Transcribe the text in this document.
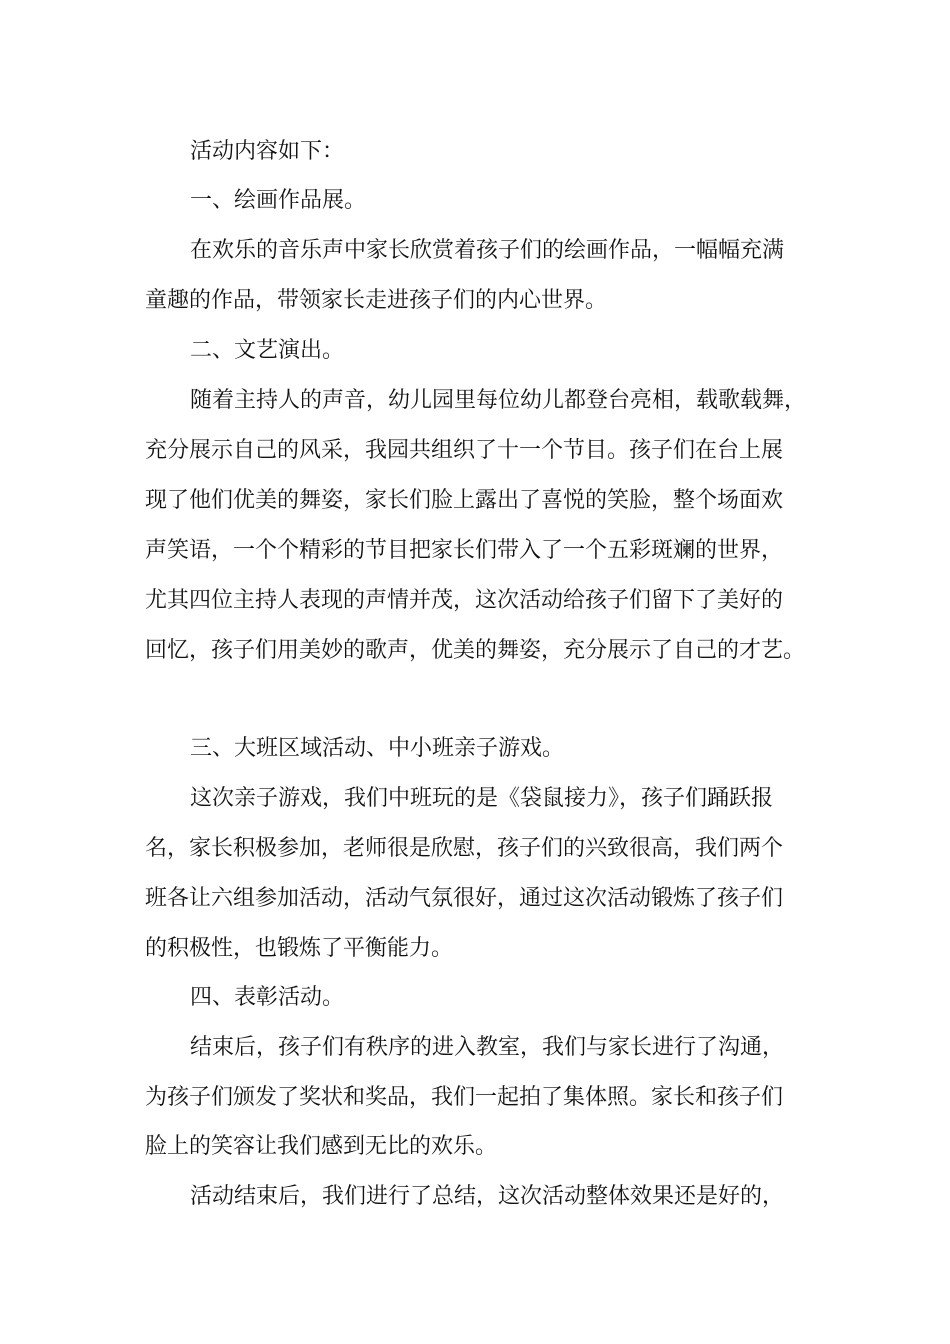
活动内容如下：

一、绘画作品展。

在欢乐的音乐声中家长欣赏着孩子们的绘画作品，一幅幅充满

童趣的作品，带领家长走进孩子们的内心世界。

二、文艺演出。

随着主持人的声音，幼儿园里每位幼儿都登台亮相，载歌载舞，

充分展示自己的风采，我园共组织了十一个节目。孩子们在台上展

现了他们优美的舞姿，家长们脸上露出了喜悦的笑脸，整个场面欢

声笑语，一个个精彩的节目把家长们带入了一个五彩斑斓的世界，

尤其四位主持人表现的声情并茂，这次活动给孩子们留下了美好的

回忆，孩子们用美妙的歌声，优美的舞姿，充分展示了自己的才艺。

三、大班区域活动、中小班亲子游戏。

这次亲子游戏，我们中班玩的是《袋鼠接力》，孩子们踊跃报

名，家长积极参加，老师很是欣慰，孩子们的兴致很高，我们两个

班各让六组参加活动，活动气氛很好，通过这次活动锻炼了孩子们

的积极性，也锻炼了平衡能力。

四、表彰活动。

结束后，孩子们有秩序的进入教室，我们与家长进行了沟通，

为孩子们颁发了奖状和奖品，我们一起拍了集体照。家长和孩子们

脸上的笑容让我们感到无比的欢乐。

活动结束后，我们进行了总结，这次活动整体效果还是好的，
